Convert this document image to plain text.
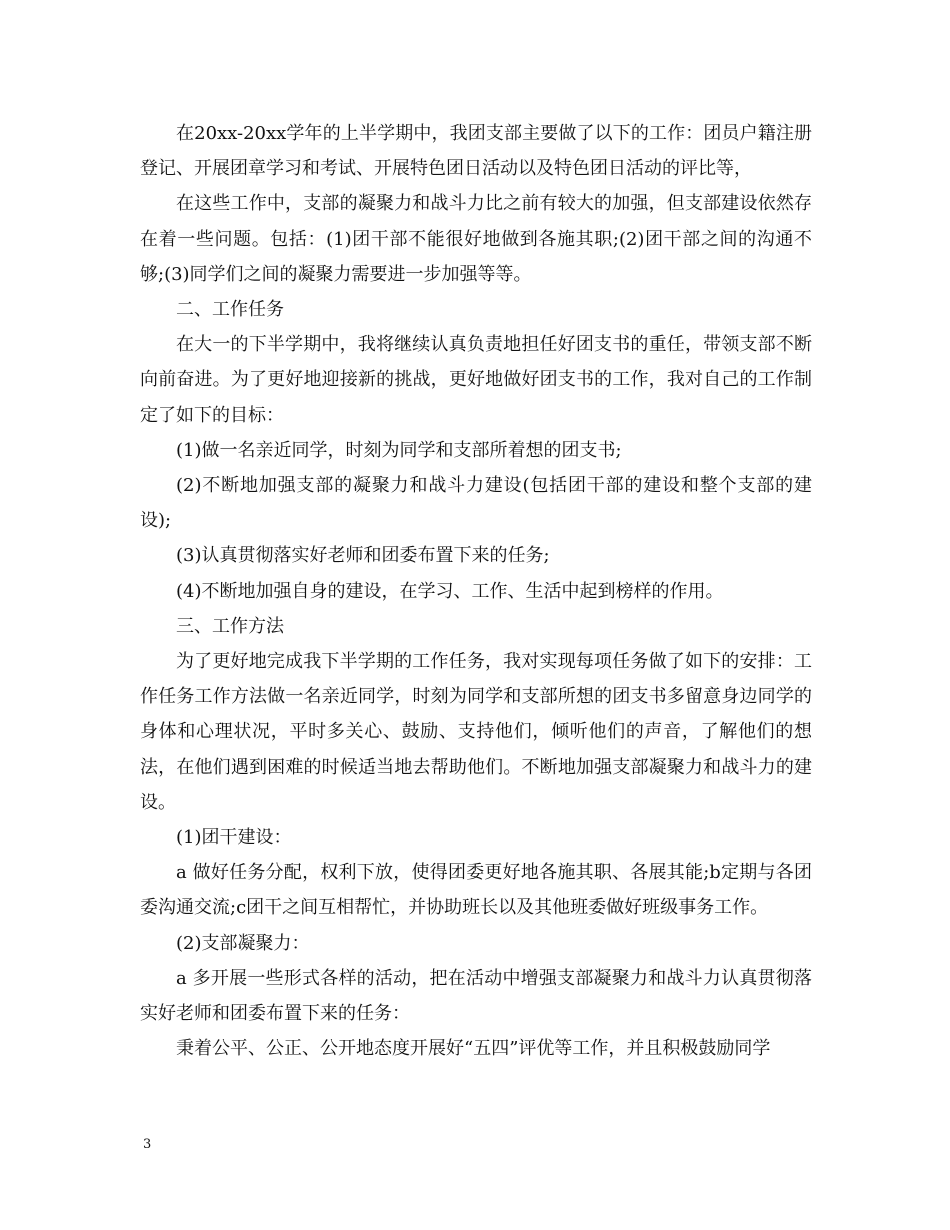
在20xx-20xx学年的上半学期中，我团支部主要做了以下的工作：团员户籍注册登记、开展团章学习和考试、开展特色团日活动以及特色团日活动的评比等，

在这些工作中，支部的凝聚力和战斗力比之前有较大的加强，但支部建设依然存在着一些问题。包括：(1)团干部不能很好地做到各施其职;(2)团干部之间的沟通不够;(3)同学们之间的凝聚力需要进一步加强等等。

二、工作任务

在大一的下半学期中，我将继续认真负责地担任好团支书的重任，带领支部不断向前奋进。为了更好地迎接新的挑战，更好地做好团支书的工作，我对自己的工作制定了如下的目标：

(1)做一名亲近同学，时刻为同学和支部所着想的团支书;

(2)不断地加强支部的凝聚力和战斗力建设(包括团干部的建设和整个支部的建设);

(3)认真贯彻落实好老师和团委布置下来的任务;

(4)不断地加强自身的建设，在学习、工作、生活中起到榜样的作用。

三、工作方法

为了更好地完成我下半学期的工作任务，我对实现每项任务做了如下的安排：工作任务工作方法做一名亲近同学，时刻为同学和支部所想的团支书多留意身边同学的身体和心理状况，平时多关心、鼓励、支持他们，倾听他们的声音，了解他们的想法，在他们遇到困难的时候适当地去帮助他们。不断地加强支部凝聚力和战斗力的建设。

(1)团干建设：

a 做好任务分配，权利下放，使得团委更好地各施其职、各展其能;b定期与各团委沟通交流;c团干之间互相帮忙，并协助班长以及其他班委做好班级事务工作。

(2)支部凝聚力：

a 多开展一些形式各样的活动，把在活动中增强支部凝聚力和战斗力认真贯彻落实好老师和团委布置下来的任务：

秉着公平、公正、公开地态度开展好“五四”评优等工作，并且积极鼓励同学

3
